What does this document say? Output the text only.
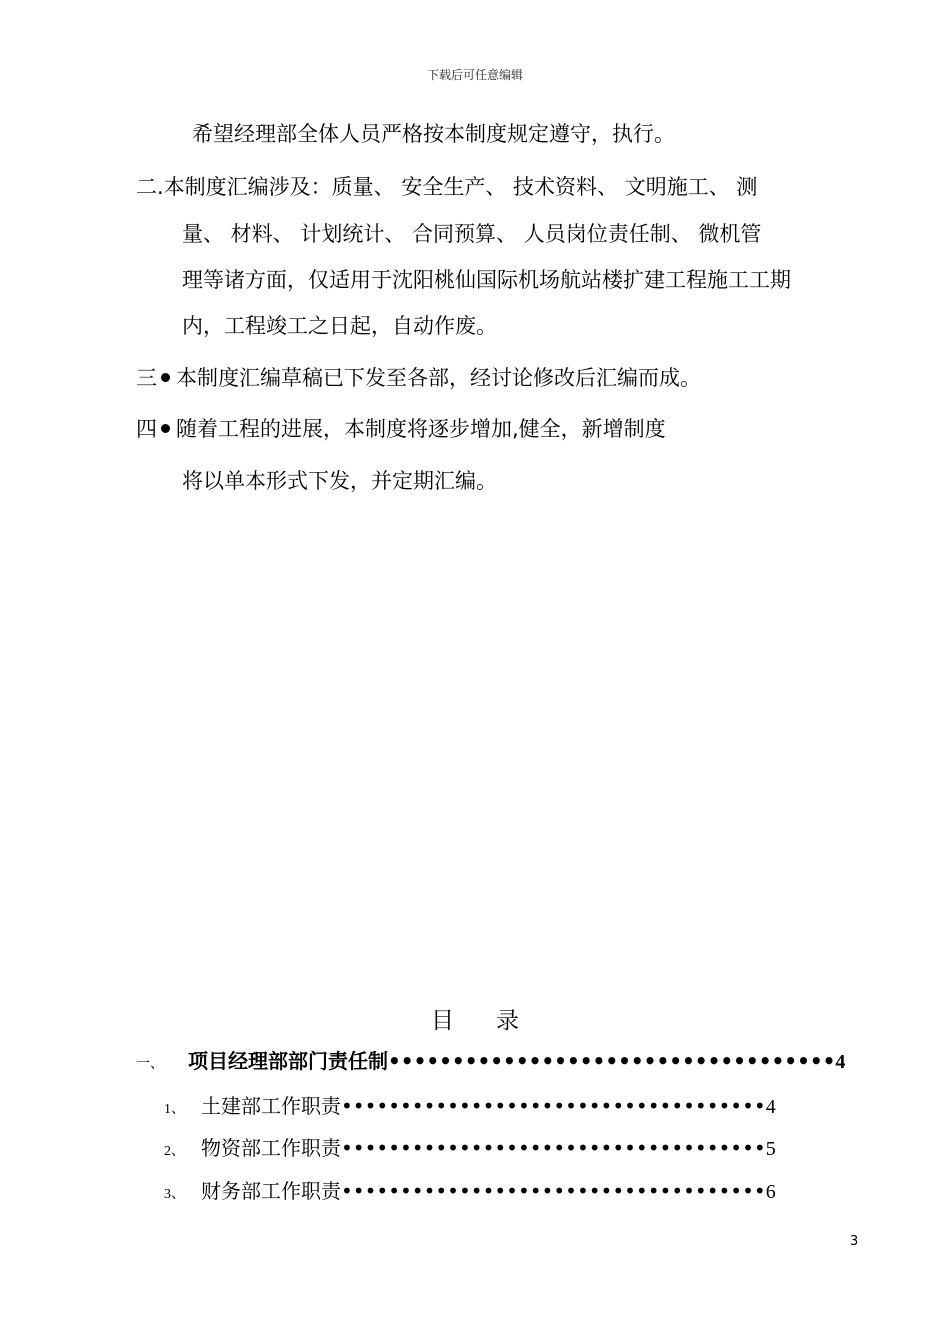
下载后可任意编辑
希望经理部全体人员严格按本制度规定遵守，执行。
二.本制度汇编涉及：质量、 安全生产、 技术资料、 文明施工、 测
量、 材料、 计划统计、 合同预算、 人员岗位责任制、 微机管
理等诸方面，仅适用于沈阳桃仙国际机场航站楼扩建工程施工工期
内，工程竣工之日起，自动作废。
三 本制度汇编草稿已下发至各部，经讨论修改后汇编而成。
四 随着工程的进展，本制度将逐步增加,健全，新增制度
将以单本形式下发，并定期汇编。
目录
一、 项目经理部部门责任制•••••••••••••••••••••••••••••••••••4
1、 土建部工作职责••••••••••••••••••••••••••••••••••••4
2、 物资部工作职责••••••••••••••••••••••••••••••••••••5
3、 财务部工作职责••••••••••••••••••••••••••••••••••••6
3
